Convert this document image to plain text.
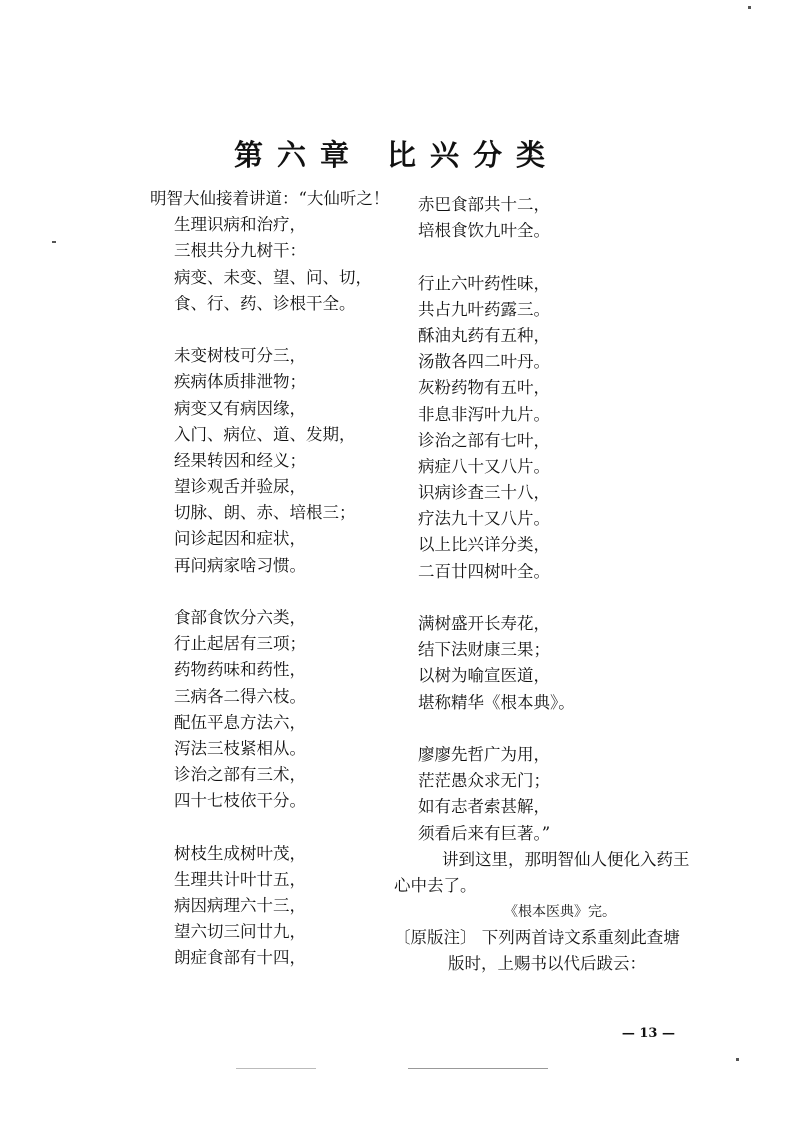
第六章 比兴分类
明智大仙接着讲道：“大仙听之！
生理识病和治疗，
三根共分九树干：
病变、未变、望、问、切，
食、行、药、诊根干全。
未变树枝可分三，
疾病体质排泄物；
病变又有病因缘，
入门、病位、道、发期，
经果转因和经义；
望诊观舌并验尿，
切脉、朗、赤、培根三；
问诊起因和症状，
再问病家啥习惯。
食部食饮分六类，
行止起居有三项；
药物药味和药性，
三病各二得六枝。
配伍平息方法六，
泻法三枝紧相从。
诊治之部有三术，
四十七枝依干分。
树枝生成树叶茂，
生理共计叶廿五，
病因病理六十三，
望六切三问廿九，
朗症食部有十四，
赤巴食部共十二，
培根食饮九叶全。
行止六叶药性味，
共占九叶药露三。
酥油丸药有五种，
汤散各四二叶丹。
灰粉药物有五叶，
非息非泻叶九片。
诊治之部有七叶，
病症八十又八片。
识病诊査三十八，
疗法九十又八片。
以上比兴详分类，
二百廿四树叶全。
满树盛开长寿花，
结下法财康三果；
以树为喻宣医道，
堪称精华《根本典》。
廖廖先哲广为用，
茫茫愚众求无门；
如有志者索甚解，
须看后来有巨著。”
讲到这里，那明智仙人便化入药王
心中去了。
《根本医典》完。
〔原版注〕 下列两首诗文系重刻此查塘
版时，上赐书以代后跋云：
— 13 —
